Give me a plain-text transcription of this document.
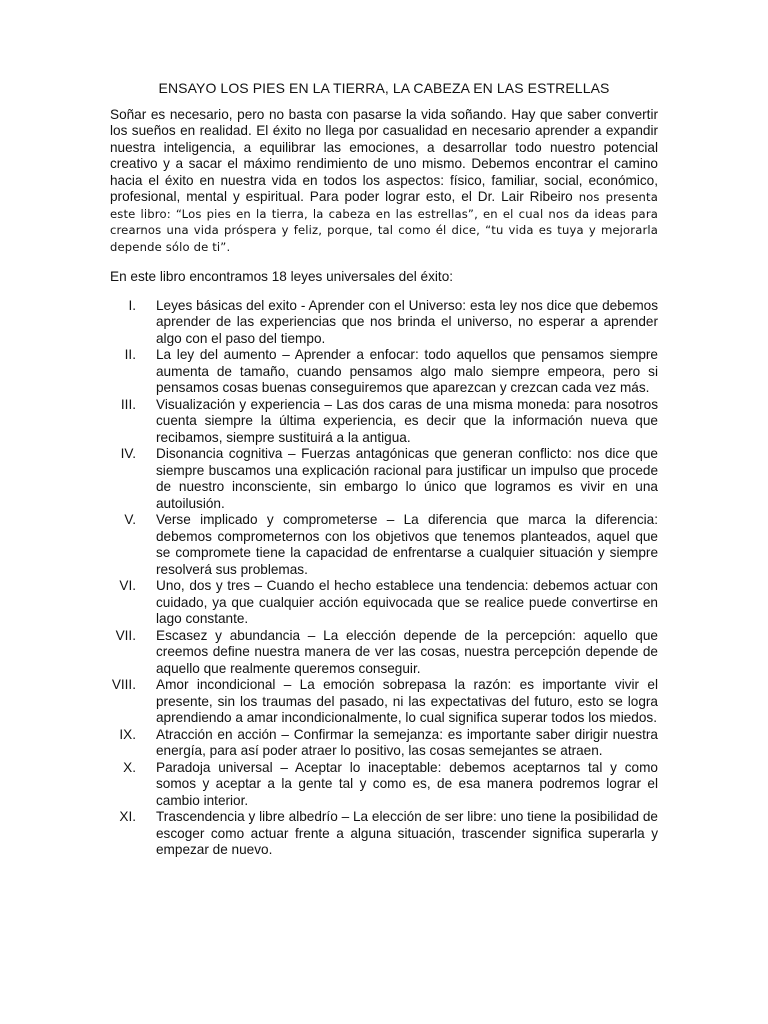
ENSAYO LOS PIES EN LA TIERRA, LA CABEZA EN LAS ESTRELLAS

Soñar es necesario, pero no basta con pasarse la vida soñando. Hay que saber convertir los sueños en realidad. El éxito no llega por casualidad en necesario aprender a expandir nuestra inteligencia, a equilibrar las emociones, a desarrollar todo nuestro potencial creativo y a sacar el máximo rendimiento de uno mismo. Debemos encontrar el camino hacia el éxito en nuestra vida en todos los aspectos: físico, familiar, social, económico, profesional, mental y espiritual. Para poder lograr esto, el Dr. Lair Ribeiro nos presenta este libro: “Los pies en la tierra, la cabeza en las estrellas”, en el cual nos da ideas para crearnos una vida próspera y feliz, porque, tal como él dice, “tu vida es tuya y mejorarla depende sólo de ti”.

En este libro encontramos 18 leyes universales del éxito:

I. Leyes básicas del exito - Aprender con el Universo: esta ley nos dice que debemos aprender de las experiencias que nos brinda el universo, no esperar a aprender algo con el paso del tiempo.
II. La ley del aumento – Aprender a enfocar: todo aquellos que pensamos siempre aumenta de tamaño, cuando pensamos algo malo siempre empeora, pero si pensamos cosas buenas conseguiremos que aparezcan y crezcan cada vez más.
III. Visualización y experiencia – Las dos caras de una misma moneda: para nosotros cuenta siempre la última experiencia, es decir que la información nueva que recibamos, siempre sustituirá a la antigua.
IV. Disonancia cognitiva – Fuerzas antagónicas que generan conflicto: nos dice que siempre buscamos una explicación racional para justificar un impulso que procede de nuestro inconsciente, sin embargo lo único que logramos es vivir en una autoilusión.
V. Verse implicado y comprometerse – La diferencia que marca la diferencia: debemos comprometernos con los objetivos que tenemos planteados, aquel que se compromete tiene la capacidad de enfrentarse a cualquier situación y siempre resolverá sus problemas.
VI. Uno, dos y tres – Cuando el hecho establece una tendencia: debemos actuar con cuidado, ya que cualquier acción equivocada que se realice puede convertirse en lago constante.
VII. Escasez y abundancia – La elección depende de la percepción: aquello que creemos define nuestra manera de ver las cosas, nuestra percepción depende de aquello que realmente queremos conseguir.
VIII. Amor incondicional – La emoción sobrepasa la razón: es importante vivir el presente, sin los traumas del pasado, ni las expectativas del futuro, esto se logra aprendiendo a amar incondicionalmente, lo cual significa superar todos los miedos.
IX. Atracción en acción – Confirmar la semejanza: es importante saber dirigir nuestra energía, para así poder atraer lo positivo, las cosas semejantes se atraen.
X. Paradoja universal – Aceptar lo inaceptable: debemos aceptarnos tal y como somos y aceptar a la gente tal y como es, de esa manera podremos lograr el cambio interior.
XI. Trascendencia y libre albedrío – La elección de ser libre: uno tiene la posibilidad de escoger como actuar frente a alguna situación, trascender significa superarla y empezar de nuevo.
